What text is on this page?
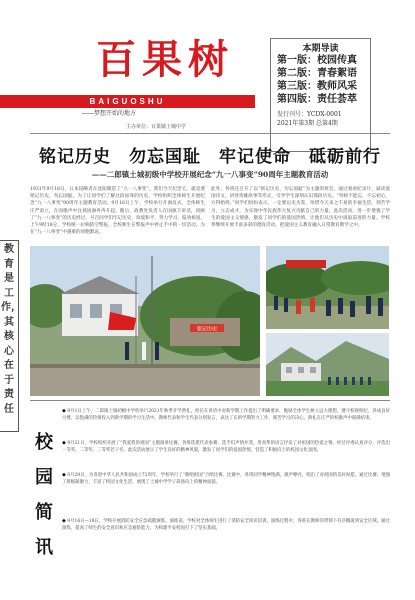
百果树
BAIGUOSHU
——梦想开始的地方
主办单位：百果镇土城中学
本期导读
第一版：校园传真
第二版：青春絮语
第三版：教师风采
第四版：责任荟萃
发行刊号：YCDX-0001
2021年第3期 总第4期
铭记历史　勿忘国耻　牢记使命　砥砺前行
——二郎镇土城初级中学校开展纪念“九一八事变”90周年主题教育活动
1931年9月18日，日本侵略者在沈阳制造了“九一八事变”，我们今天纪念它，就是要铭记历史，勿忘国耻。为了让同学们了解这段屈辱的历史，学校组织全体师生开展纪念“九一八事变”90周年主题教育活动。9月18日上午，学校举行升旗仪式，全体师生庄严肃立，在国歌声中注视国旗冉冉升起。随后，政教处负责人在国旗下讲话，回顾了“九一八事变”的历史经过，号召同学们牢记历史，珍爱和平，努力学习，报效祖国。上午9时18分，学校统一拉响防空警报，全校师生在警报声中停止手中的一切活动，为在“九一八事变”中遇难的同胞默哀。
此外，各班还召开了以“铭记历史，勿忘国耻”为主题的班会，通过观看纪录片、诵读爱国诗文、讲述英雄故事等形式，引导学生深刻认识那段历史。“拜师不能忘，不忘初心，方得始终。”同学们纷纷表示，一定要以史为鉴，珍惜今天来之不易的幸福生活，刻苦学习，立志成才，为实现中华民族伟大复兴贡献自己的力量。此次活动，进一步增强了学生的爱国主义情感，激发了同学们的爱国热情，让他们从历史中汲取前进的力量。学校将继续开展丰富多彩的德育活动，把爱国主义教育融入日常教育教学之中。
教育是工作，其核心在于责任
铭记历史
校园简讯
◆ 9月1日上午，二郎镇土城初级中学校举行2021年秋季开学典礼。校长在讲话中对新学期工作提出了明确要求，勉励全体学生树立远大理想，遵守校规校纪，养成良好习惯，以饱满的热情投入到新学期的学习生活中。教师代表和学生代表分别发言，表达了在新学期努力工作、刻苦学习的决心。典礼在庄严的校歌声中圆满结束。
◆ 9月21日，学校组织开展了“我爱我的祖国”主题演讲比赛。各班选派代表参赛，选手们声情并茂，用真挚的语言抒发了对祖国的热爱之情。经过评委认真评分，评选出一等奖、二等奖、三等奖若干名。此次活动展示了学生良好的精神风貌，激发了同学们的爱国热情，营造了积极向上的校园文化氛围。
◆ 9月29日，为喜迎中华人民共和国成立72周年，学校举行了“歌唱祖国”合唱比赛。比赛中，各班同学精神饱满，歌声嘹亮，唱出了对祖国的美好祝愿。通过比赛，增强了班级凝聚力，丰富了校园文化生活，展现了土城中学学子昂扬向上的精神面貌。
◆ 9月16日—18日，学校开展消防安全应急疏散演练。演练前，学校对全体师生进行了消防安全知识培训，演练过程中，各班在教师的带领下有序撤离到安全区域。通过演练，提高了师生的安全意识和应急避险能力，为构建平安校园打下了坚实基础。
